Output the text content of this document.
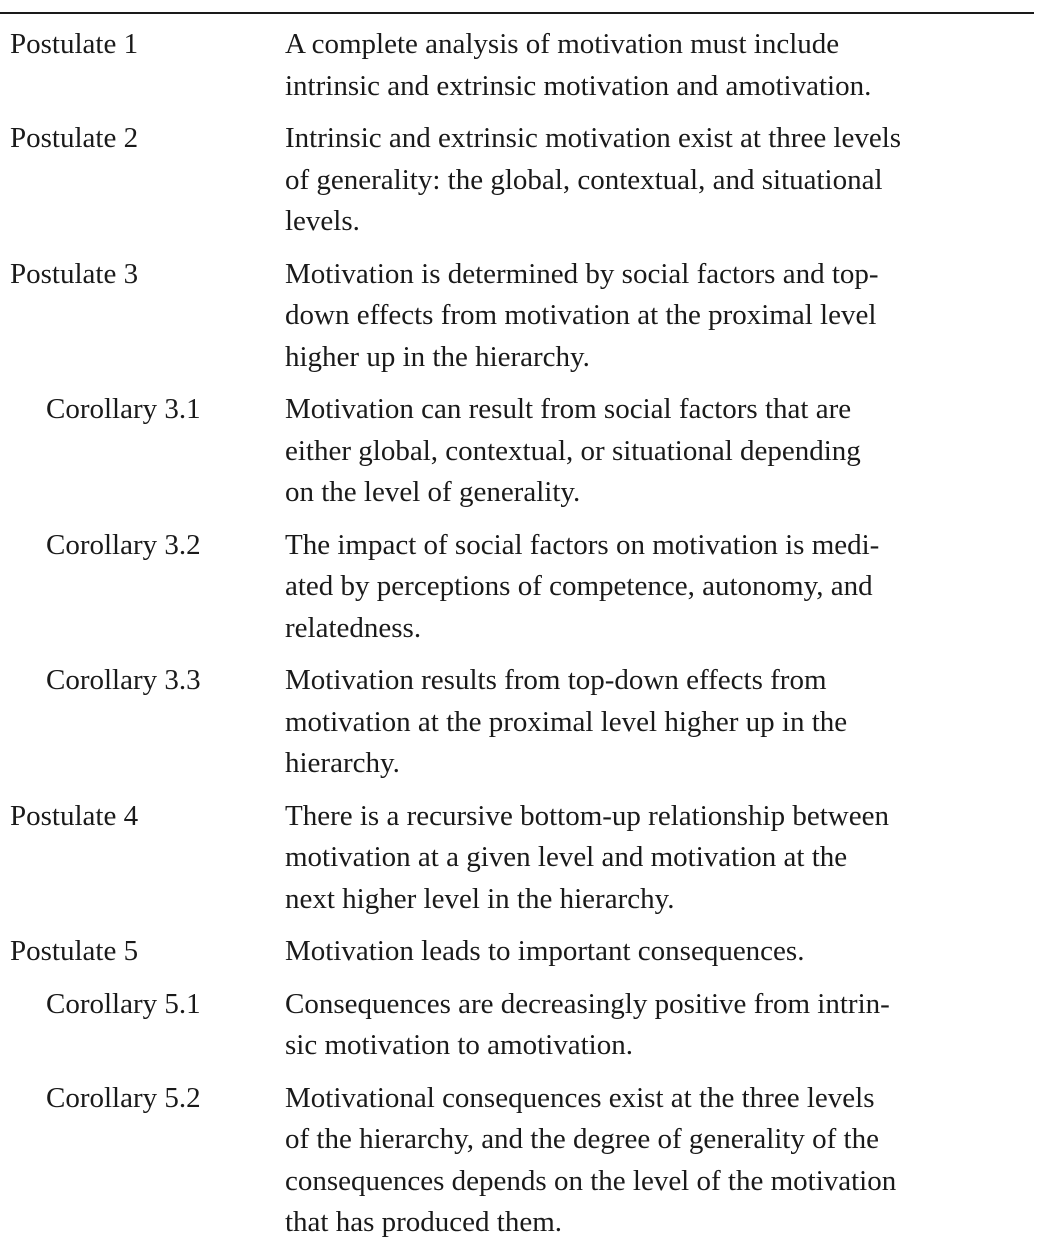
Postulate 1	A complete analysis of motivation must include
intrinsic and extrinsic motivation and amotivation.
Postulate 2	Intrinsic and extrinsic motivation exist at three levels
of generality: the global, contextual, and situational
levels.
Postulate 3	Motivation is determined by social factors and top-
down effects from motivation at the proximal level
higher up in the hierarchy.
Corollary 3.1	Motivation can result from social factors that are
either global, contextual, or situational depending
on the level of generality.
Corollary 3.2	The impact of social factors on motivation is medi-
ated by perceptions of competence, autonomy, and
relatedness.
Corollary 3.3	Motivation results from top-down effects from
motivation at the proximal level higher up in the
hierarchy.
Postulate 4	There is a recursive bottom-up relationship between
motivation at a given level and motivation at the
next higher level in the hierarchy.
Postulate 5	Motivation leads to important consequences.
Corollary 5.1	Consequences are decreasingly positive from intrin-
sic motivation to amotivation.
Corollary 5.2	Motivational consequences exist at the three levels
of the hierarchy, and the degree of generality of the
consequences depends on the level of the motivation
that has produced them.
